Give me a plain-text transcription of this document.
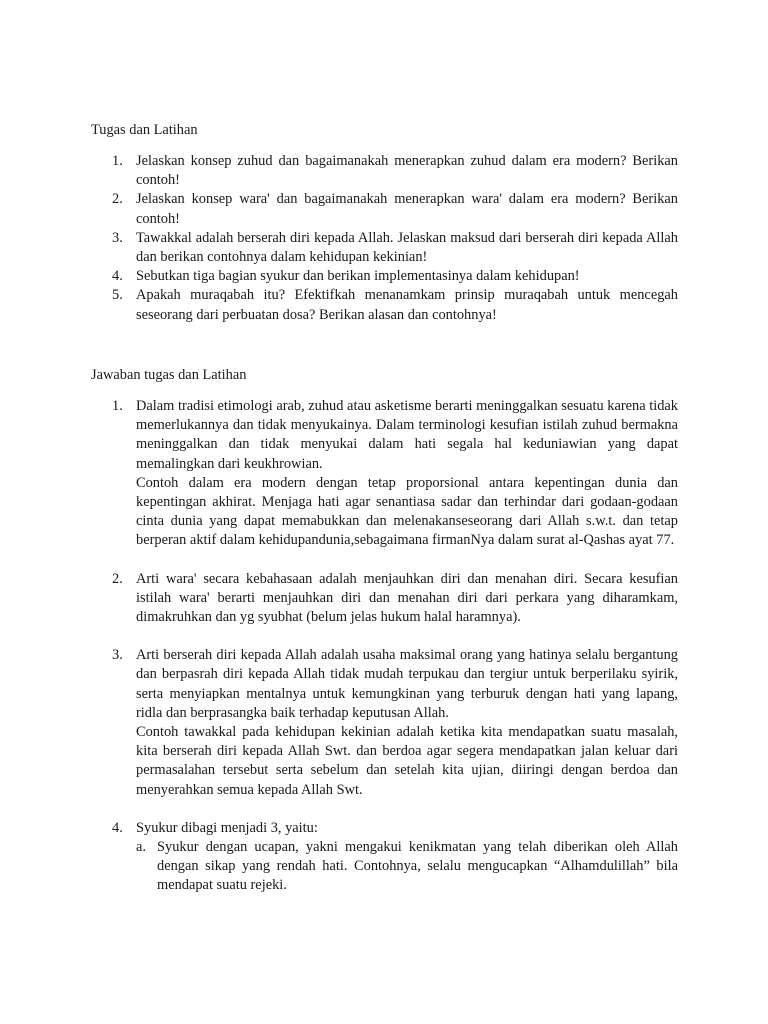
Tugas dan Latihan
1. Jelaskan konsep zuhud dan bagaimanakah menerapkan zuhud dalam era modern? Berikan contoh!
2. Jelaskan konsep wara' dan bagaimanakah menerapkan wara' dalam era modern? Berikan contoh!
3. Tawakkal adalah berserah diri kepada Allah. Jelaskan maksud dari berserah diri kepada Allah dan berikan contohnya dalam kehidupan kekinian!
4. Sebutkan tiga bagian syukur dan berikan implementasinya dalam kehidupan!
5. Apakah muraqabah itu? Efektifkah menanamkam prinsip muraqabah untuk mencegah seseorang dari perbuatan dosa? Berikan alasan dan contohnya!
Jawaban tugas dan Latihan
1. Dalam tradisi etimologi arab, zuhud atau asketisme berarti meninggalkan sesuatu karena tidak memerlukannya dan tidak menyukainya. Dalam terminologi kesufian istilah zuhud bermakna meninggalkan dan tidak menyukai dalam hati segala hal keduniawian yang dapat memalingkan dari keukhrowian.
Contoh dalam era modern dengan tetap proporsional antara kepentingan dunia dan kepentingan akhirat. Menjaga hati agar senantiasa sadar dan terhindar dari godaan-godaan cinta dunia yang dapat memabukkan dan melenakanseseorang dari Allah s.w.t. dan tetap berperan aktif dalam kehidupandunia,sebagaimana firmanNya dalam surat al-Qashas ayat 77.
2. Arti wara' secara kebahasaan adalah menjauhkan diri dan menahan diri. Secara kesufian istilah wara' berarti menjauhkan diri dan menahan diri dari perkara yang diharamkam, dimakruhkan dan yg syubhat (belum jelas hukum halal haramnya).
3. Arti berserah diri kepada Allah adalah usaha maksimal orang yang hatinya selalu bergantung dan berpasrah diri kepada Allah tidak mudah terpukau dan tergiur untuk berperilaku syirik, serta menyiapkan mentalnya untuk kemungkinan yang terburuk dengan hati yang lapang, ridla dan berprasangka baik terhadap keputusan Allah.
Contoh tawakkal pada kehidupan kekinian adalah ketika kita mendapatkan suatu masalah, kita berserah diri kepada Allah Swt. dan berdoa agar segera mendapatkan jalan keluar dari permasalahan tersebut serta sebelum dan setelah kita ujian, diiringi dengan berdoa dan menyerahkan semua kepada Allah Swt.
4. Syukur dibagi menjadi 3, yaitu:
a. Syukur dengan ucapan, yakni mengakui kenikmatan yang telah diberikan oleh Allah dengan sikap yang rendah hati. Contohnya, selalu mengucapkan “Alhamdulillah” bila mendapat suatu rejeki.
